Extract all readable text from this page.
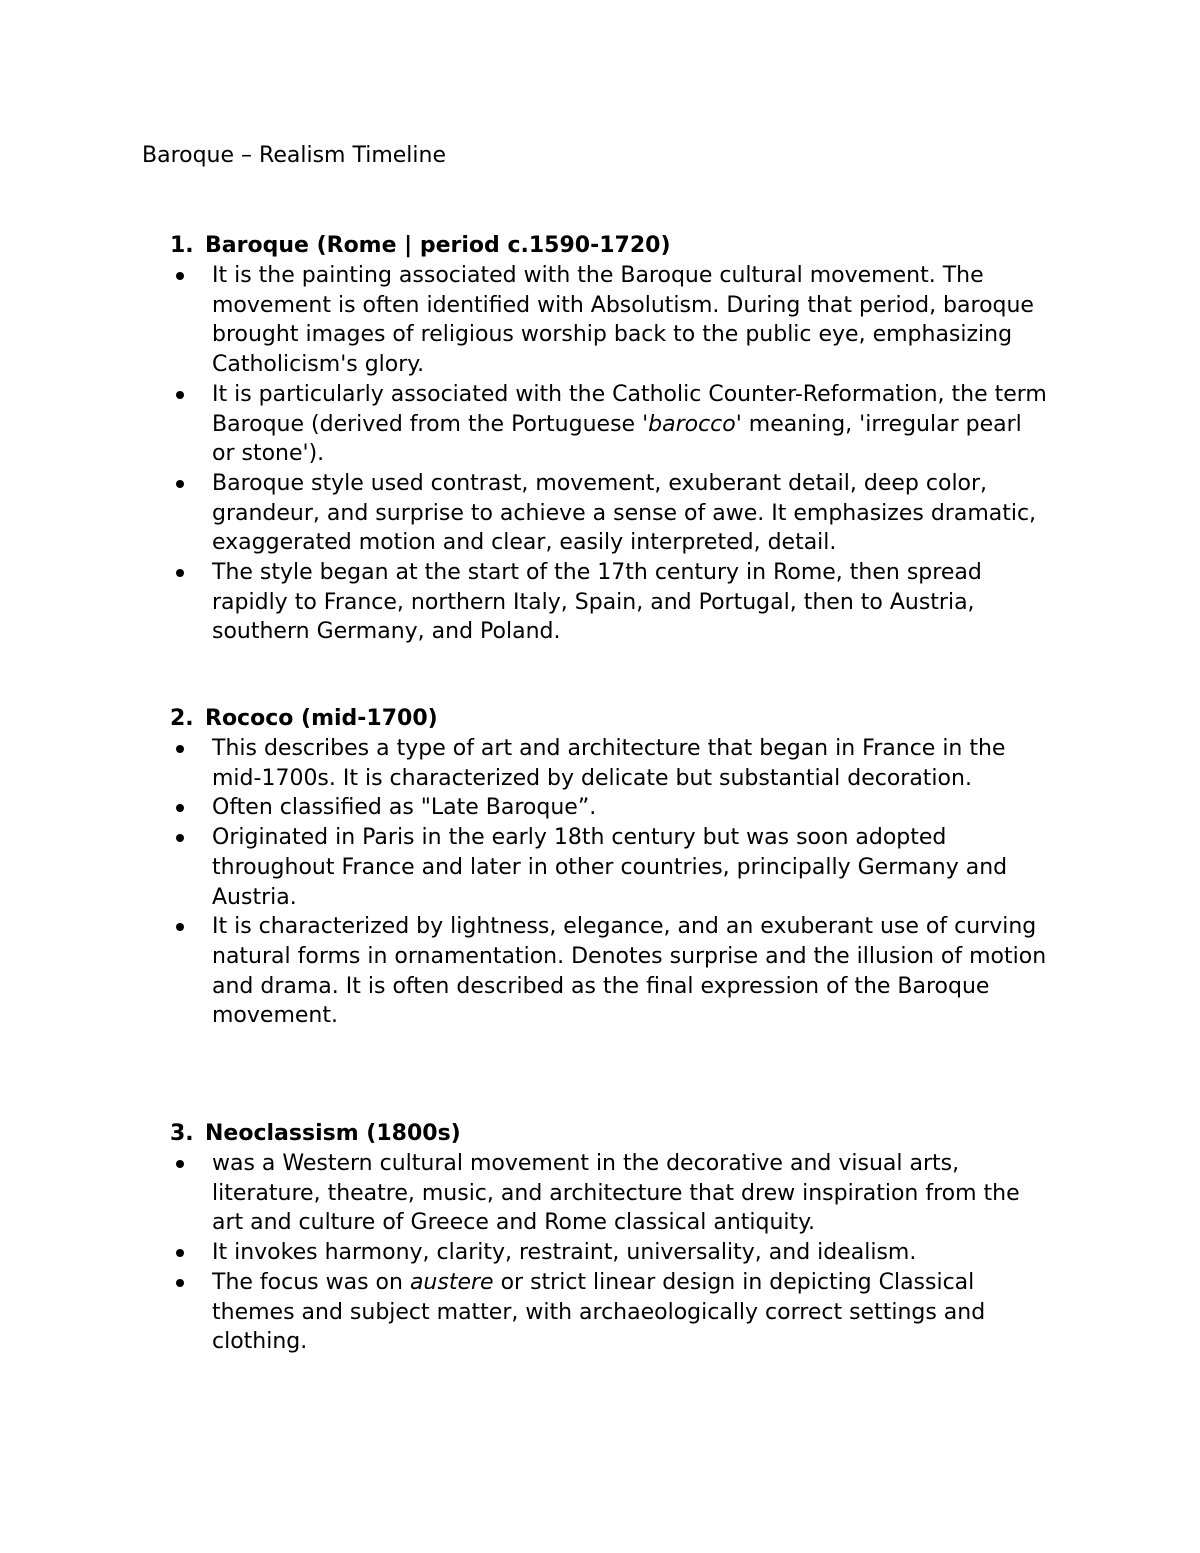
Baroque – Realism Timeline
1. Baroque (Rome | period c.1590-1720)
It is the painting associated with the Baroque cultural movement. The movement is often identified with Absolutism. During that period, baroque brought images of religious worship back to the public eye, emphasizing Catholicism's glory.
It is particularly associated with the Catholic Counter-Reformation, the term Baroque (derived from the Portuguese 'barocco' meaning, 'irregular pearl or stone').
Baroque style used contrast, movement, exuberant detail, deep color, grandeur, and surprise to achieve a sense of awe. It emphasizes dramatic, exaggerated motion and clear, easily interpreted, detail.
The style began at the start of the 17th century in Rome, then spread rapidly to France, northern Italy, Spain, and Portugal, then to Austria, southern Germany, and Poland.
2. Rococo (mid-1700)
This describes a type of art and architecture that began in France in the mid-1700s. It is characterized by delicate but substantial decoration.
Often classified as "Late Baroque”.
Originated in Paris in the early 18th century but was soon adopted throughout France and later in other countries, principally Germany and Austria.
It is characterized by lightness, elegance, and an exuberant use of curving natural forms in ornamentation. Denotes surprise and the illusion of motion and drama. It is often described as the final expression of the Baroque movement.
3. Neoclassism (1800s)
was a Western cultural movement in the decorative and visual arts, literature, theatre, music, and architecture that drew inspiration from the art and culture of Greece and Rome classical antiquity.
It invokes harmony, clarity, restraint, universality, and idealism.
The focus was on austere or strict linear design in depicting Classical themes and subject matter, with archaeologically correct settings and clothing.
